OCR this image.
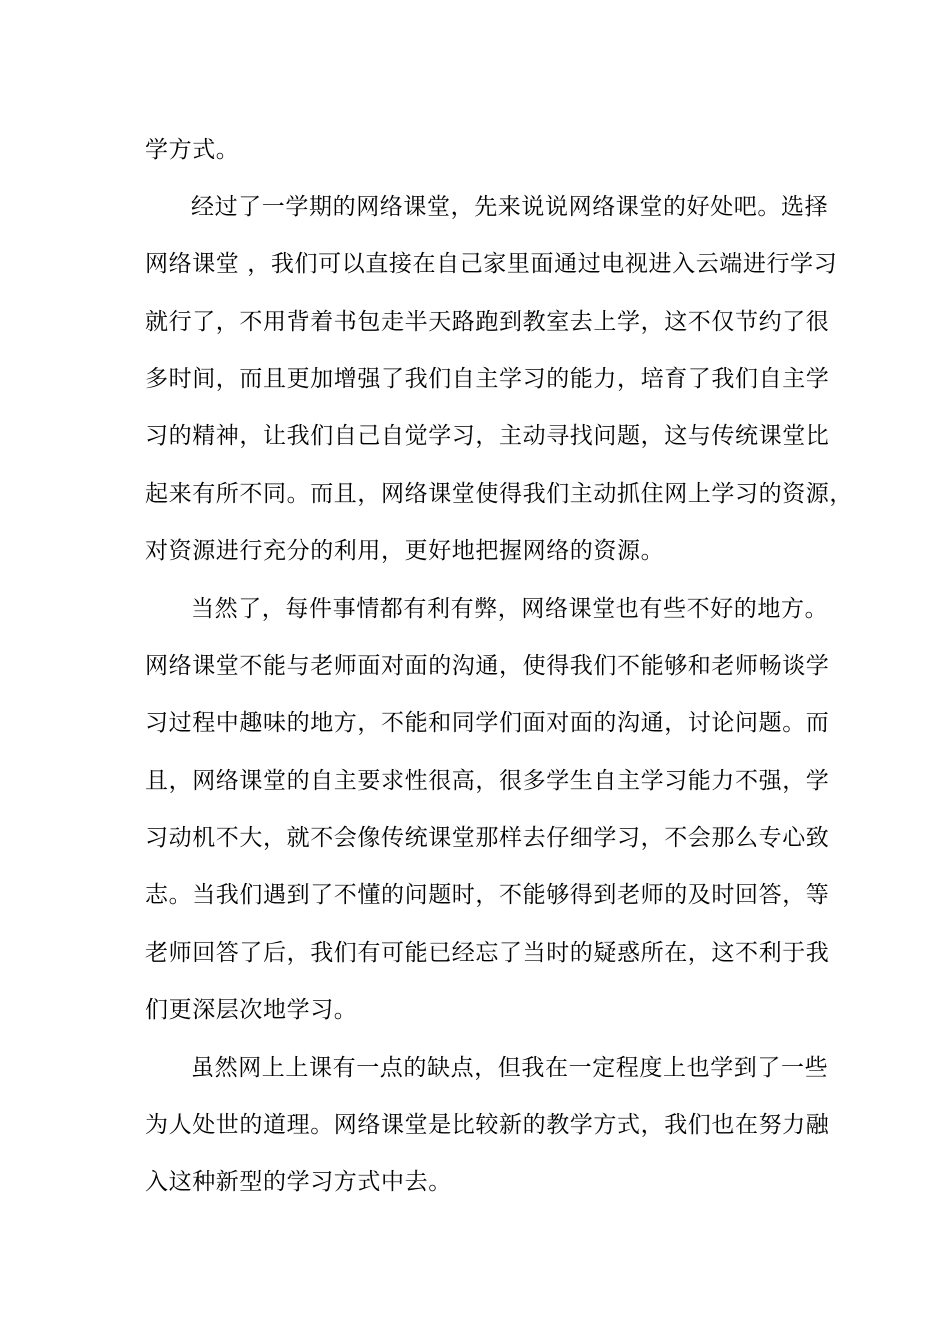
学方式。
经过了一学期的网络课堂，先来说说网络课堂的好处吧。选择
网络课堂 ，我们可以直接在自己家里面通过电视进入云端进行学习
就行了，不用背着书包走半天路跑到教室去上学，这不仅节约了很
多时间，而且更加增强了我们自主学习的能力，培育了我们自主学
习的精神，让我们自己自觉学习，主动寻找问题，这与传统课堂比
起来有所不同。而且，网络课堂使得我们主动抓住网上学习的资源，
对资源进行充分的利用，更好地把握网络的资源。
当然了，每件事情都有利有弊，网络课堂也有些不好的地方。
网络课堂不能与老师面对面的沟通，使得我们不能够和老师畅谈学
习过程中趣味的地方，不能和同学们面对面的沟通，讨论问题。而
且，网络课堂的自主要求性很高，很多学生自主学习能力不强，学
习动机不大，就不会像传统课堂那样去仔细学习，不会那么专心致
志。当我们遇到了不懂的问题时，不能够得到老师的及时回答，等
老师回答了后，我们有可能已经忘了当时的疑惑所在，这不利于我
们更深层次地学习。
虽然网上上课有一点的缺点，但我在一定程度上也学到了一些
为人处世的道理。网络课堂是比较新的教学方式，我们也在努力融
入这种新型的学习方式中去。
